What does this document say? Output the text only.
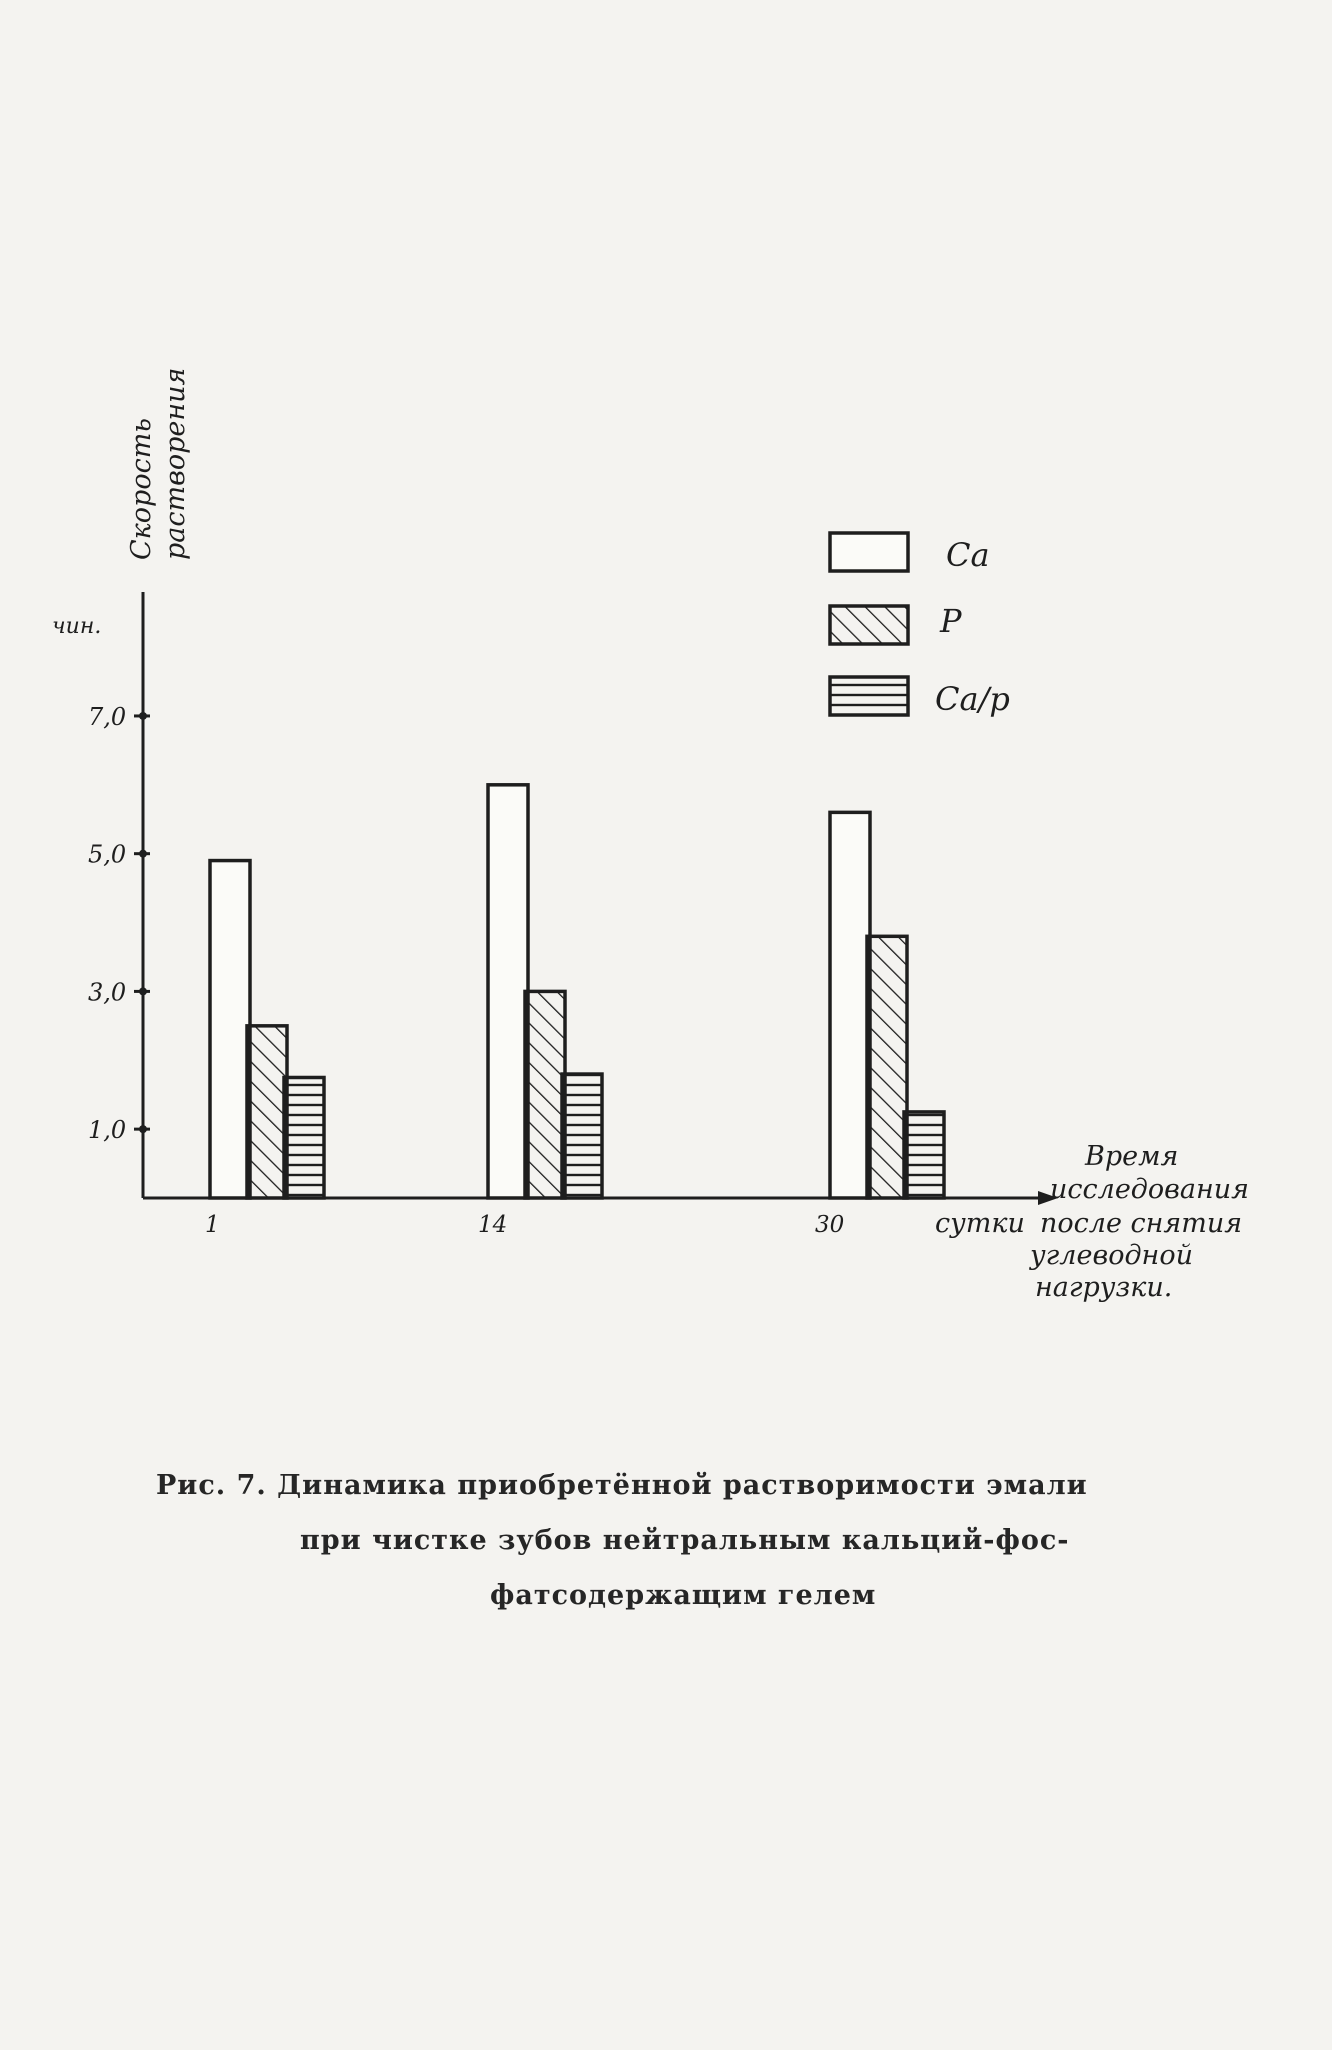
Скорость растворения
чин.
1,0
3,0
5,0
7,0
1	14	30
Ca
P
Ca/p
Время
исследования
сутки после снятия
углеводной
нагрузки.
Рис. 7. Динамика приобретённой растворимости эмали
при чистке зубов нейтральным кальций-фос-
фатсодержащим гелем
